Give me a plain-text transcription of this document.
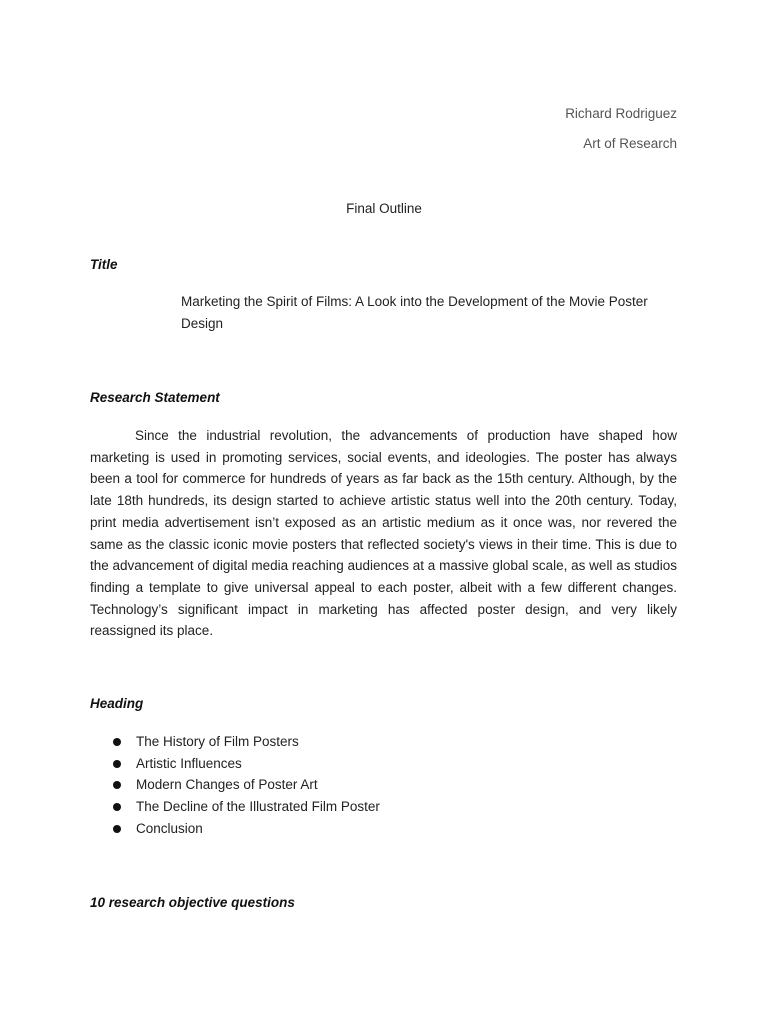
Richard Rodriguez
Art of Research
Final Outline
Title
Marketing the Spirit of Films: A Look into the Development of the Movie Poster Design
Research Statement

Since the industrial revolution, the advancements of production have shaped how marketing is used in promoting services, social events, and ideologies. The poster has always been a tool for commerce for hundreds of years as far back as the 15th century. Although, by the late 18th hundreds, its design started to achieve artistic status well into the 20th century. Today, print media advertisement isn’t exposed as an artistic medium as it once was, nor revered the same as the classic iconic movie posters that reflected society's views in their time. This is due to the advancement of digital media reaching audiences at a massive global scale, as well as studios finding a template to give universal appeal to each poster, albeit with a few different changes. Technology’s significant impact in marketing has affected poster design, and very likely reassigned its place.

Heading
The History of Film Posters
Artistic Influences
Modern Changes of Poster Art
The Decline of the Illustrated Film Poster
Conclusion
10 research objective questions
